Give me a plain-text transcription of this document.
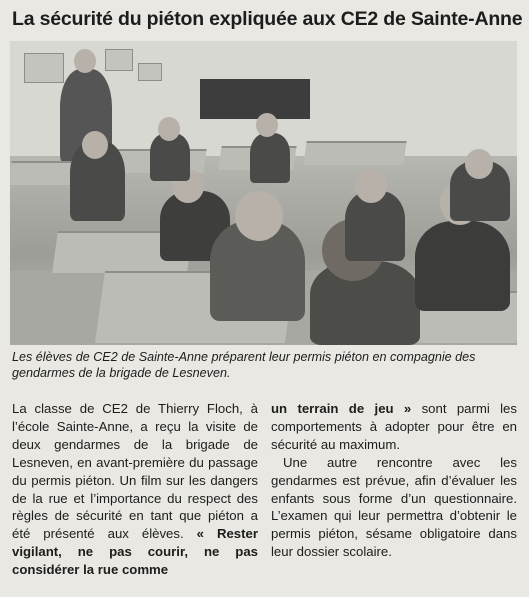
La sécurité du piéton expliquée aux CE2 de Sainte-Anne
Les élèves de CE2 de Sainte-Anne préparent leur permis piéton en compagnie des gendarmes de la brigade de Lesneven.

La classe de CE2 de Thierry Floch, à l’école Sainte-Anne, a reçu la visite de deux gendarmes de la brigade de Lesneven, en avant-première du passage du permis piéton. Un film sur les dangers de la rue et l’importance du respect des règles de sécurité en tant que piéton a été présenté aux élèves. « Rester vigilant, ne pas courir, ne pas considérer la rue comme

un terrain de jeu » sont parmi les comportements à adopter pour être en sécurité au maximum.

Une autre rencontre avec les gendarmes est prévue, afin d’évaluer les enfants sous forme d’un questionnaire. L’examen qui leur permettra d’obtenir le permis piéton, sésame obligatoire dans leur dossier scolaire.
